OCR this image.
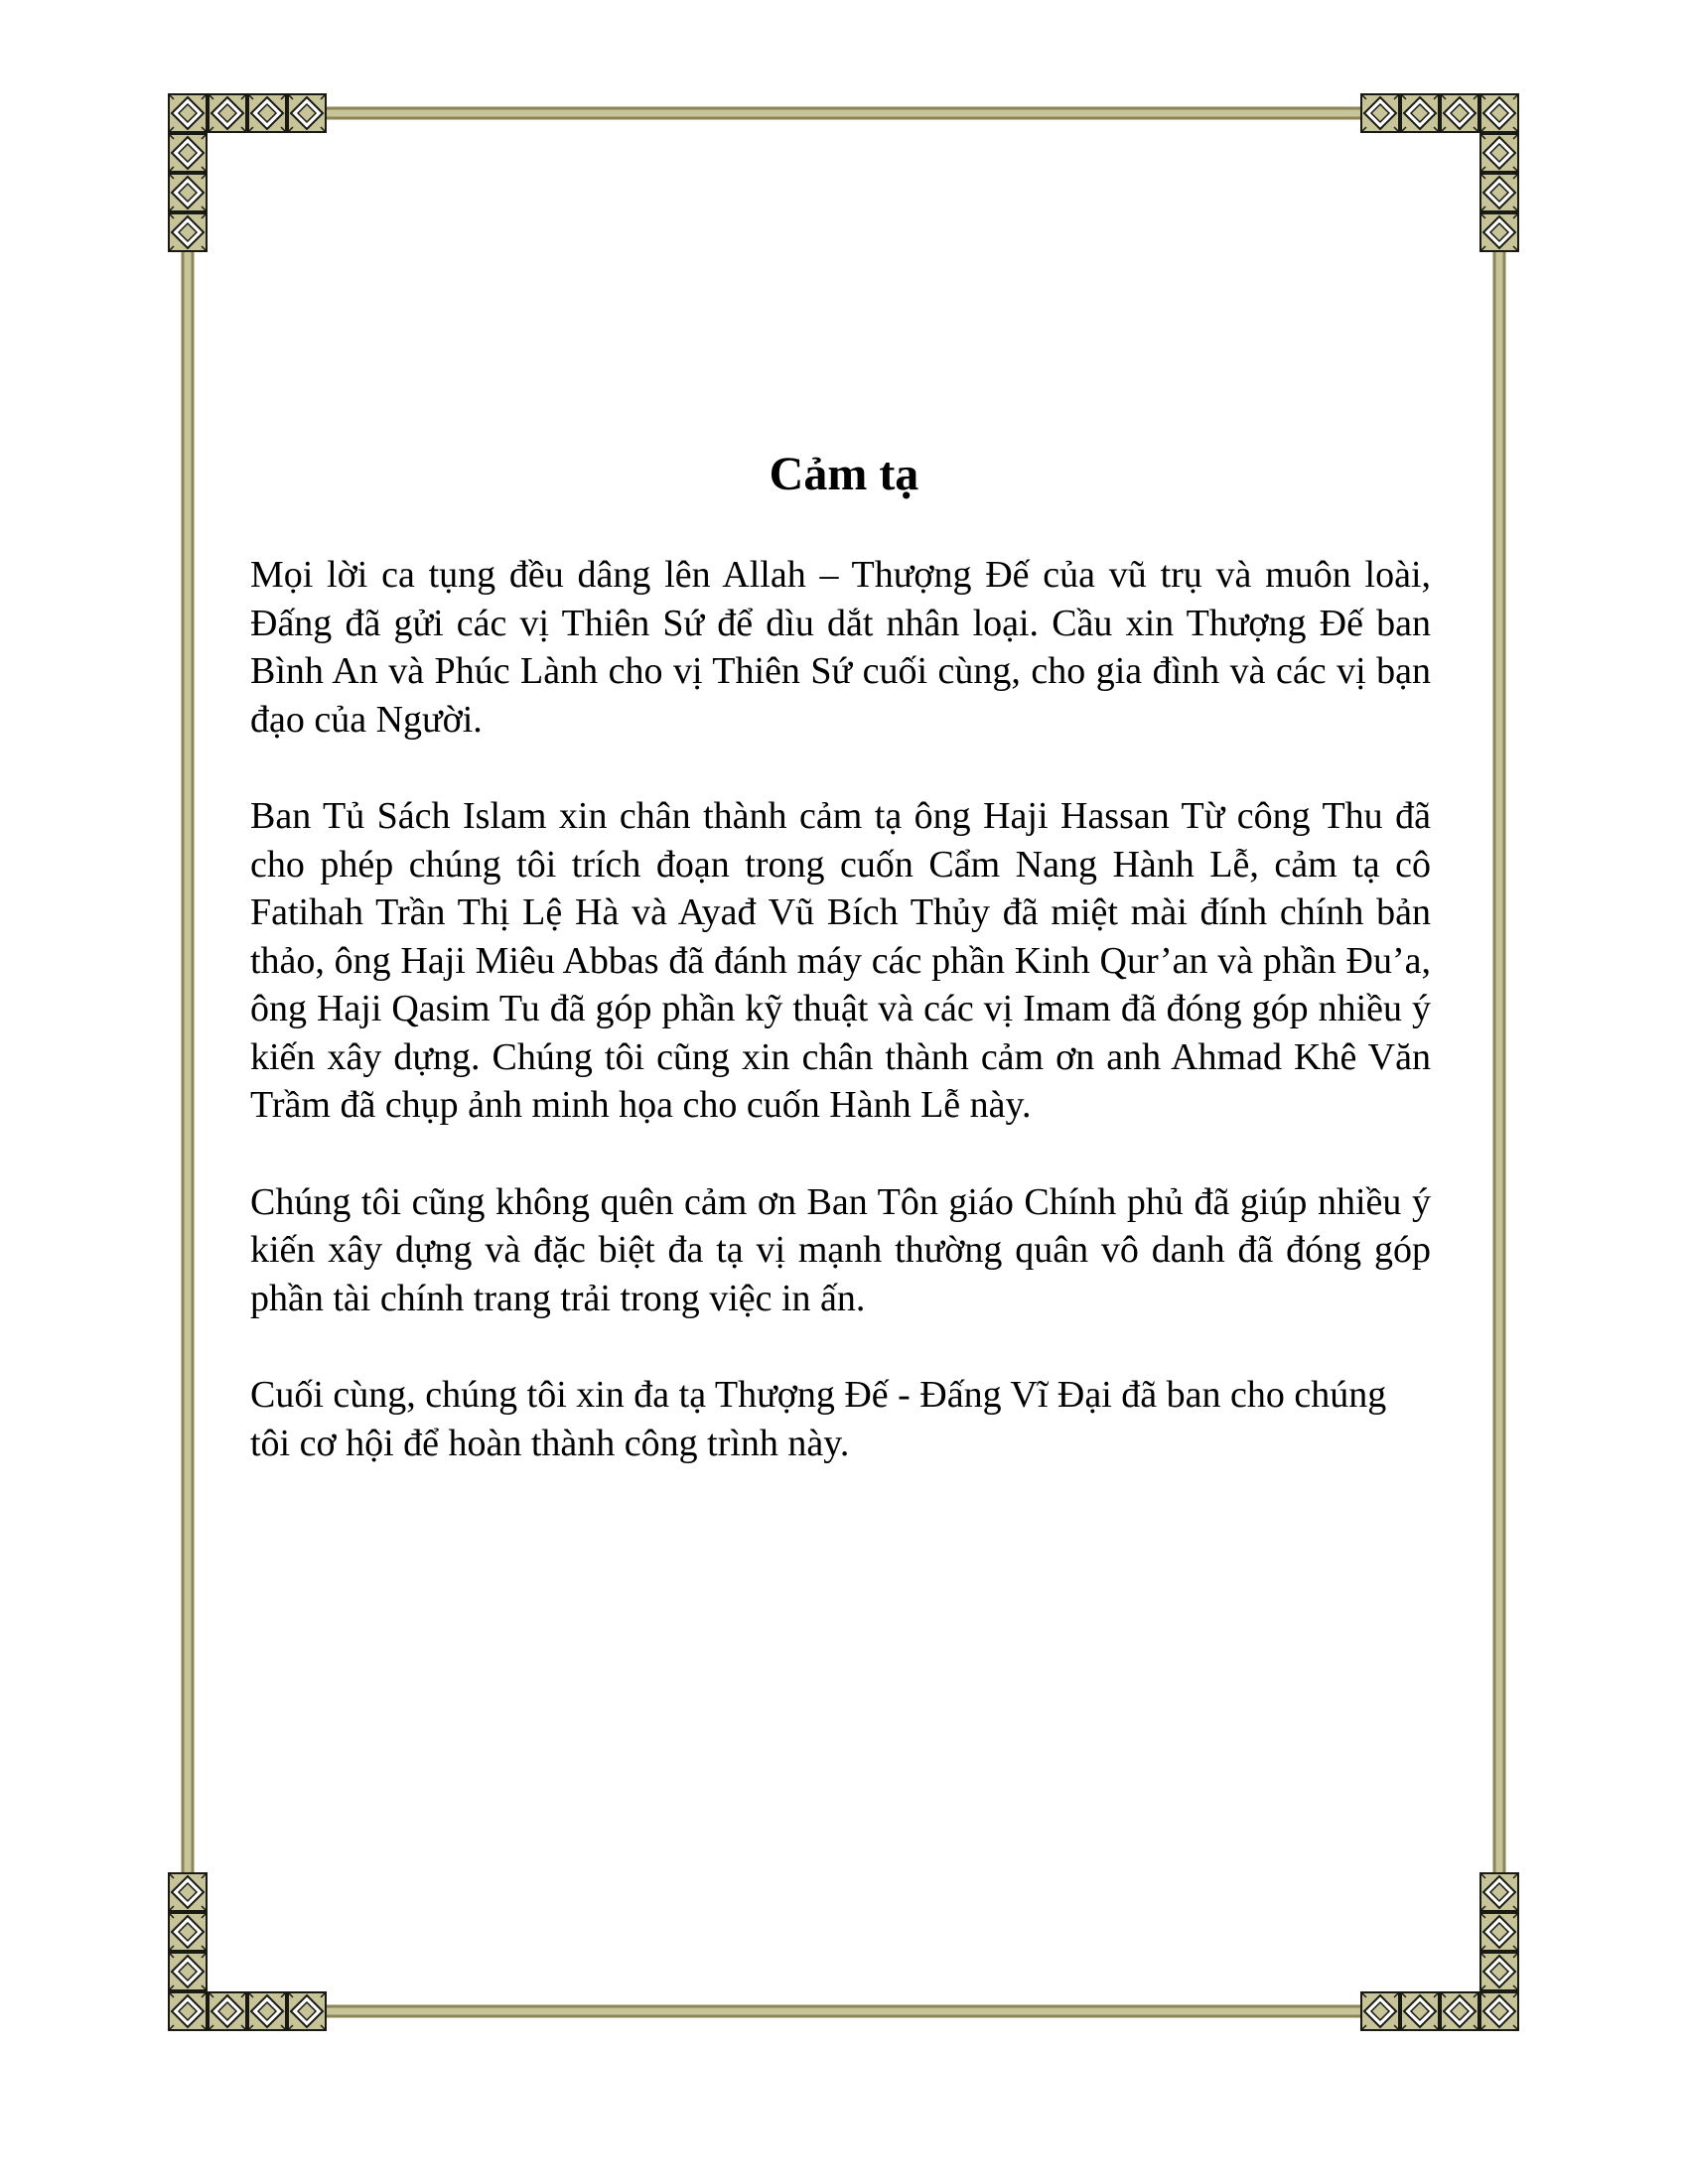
Cảm tạ

Mọi lời ca tụng đều dâng lên Allah – Thượng Đế của vũ trụ và muôn loài, Đấng đã gửi các vị Thiên Sứ để dìu dắt nhân loại. Cầu xin Thượng Đế ban Bình An và Phúc Lành cho vị Thiên Sứ cuối cùng, cho gia đình và các vị bạn đạo của Người.

Ban Tủ Sách Islam xin chân thành cảm tạ ông Haji Hassan Từ công Thu đã cho phép chúng tôi trích đoạn trong cuốn Cẩm Nang Hành Lễ, cảm tạ cô Fatihah Trần Thị Lệ Hà và Ayađ Vũ Bích Thủy đã miệt mài đính chính bản thảo, ông Haji Miêu Abbas đã đánh máy các phần Kinh Qur’an và phần Đu’a, ông Haji Qasim Tu đã góp phần kỹ thuật và các vị Imam đã đóng góp nhiều ý kiến xây dựng. Chúng tôi cũng xin chân thành cảm ơn anh Ahmad Khê Văn Trầm đã chụp ảnh minh họa cho cuốn Hành Lễ này.

Chúng tôi cũng không quên cảm ơn Ban Tôn giáo Chính phủ đã giúp nhiều ý kiến xây dựng và đặc biệt đa tạ vị mạnh thường quân vô danh đã đóng góp phần tài chính trang trải trong việc in ấn.

Cuối cùng, chúng tôi xin đa tạ Thượng Đế - Đấng Vĩ Đại đã ban cho chúng tôi cơ hội để hoàn thành công trình này.
